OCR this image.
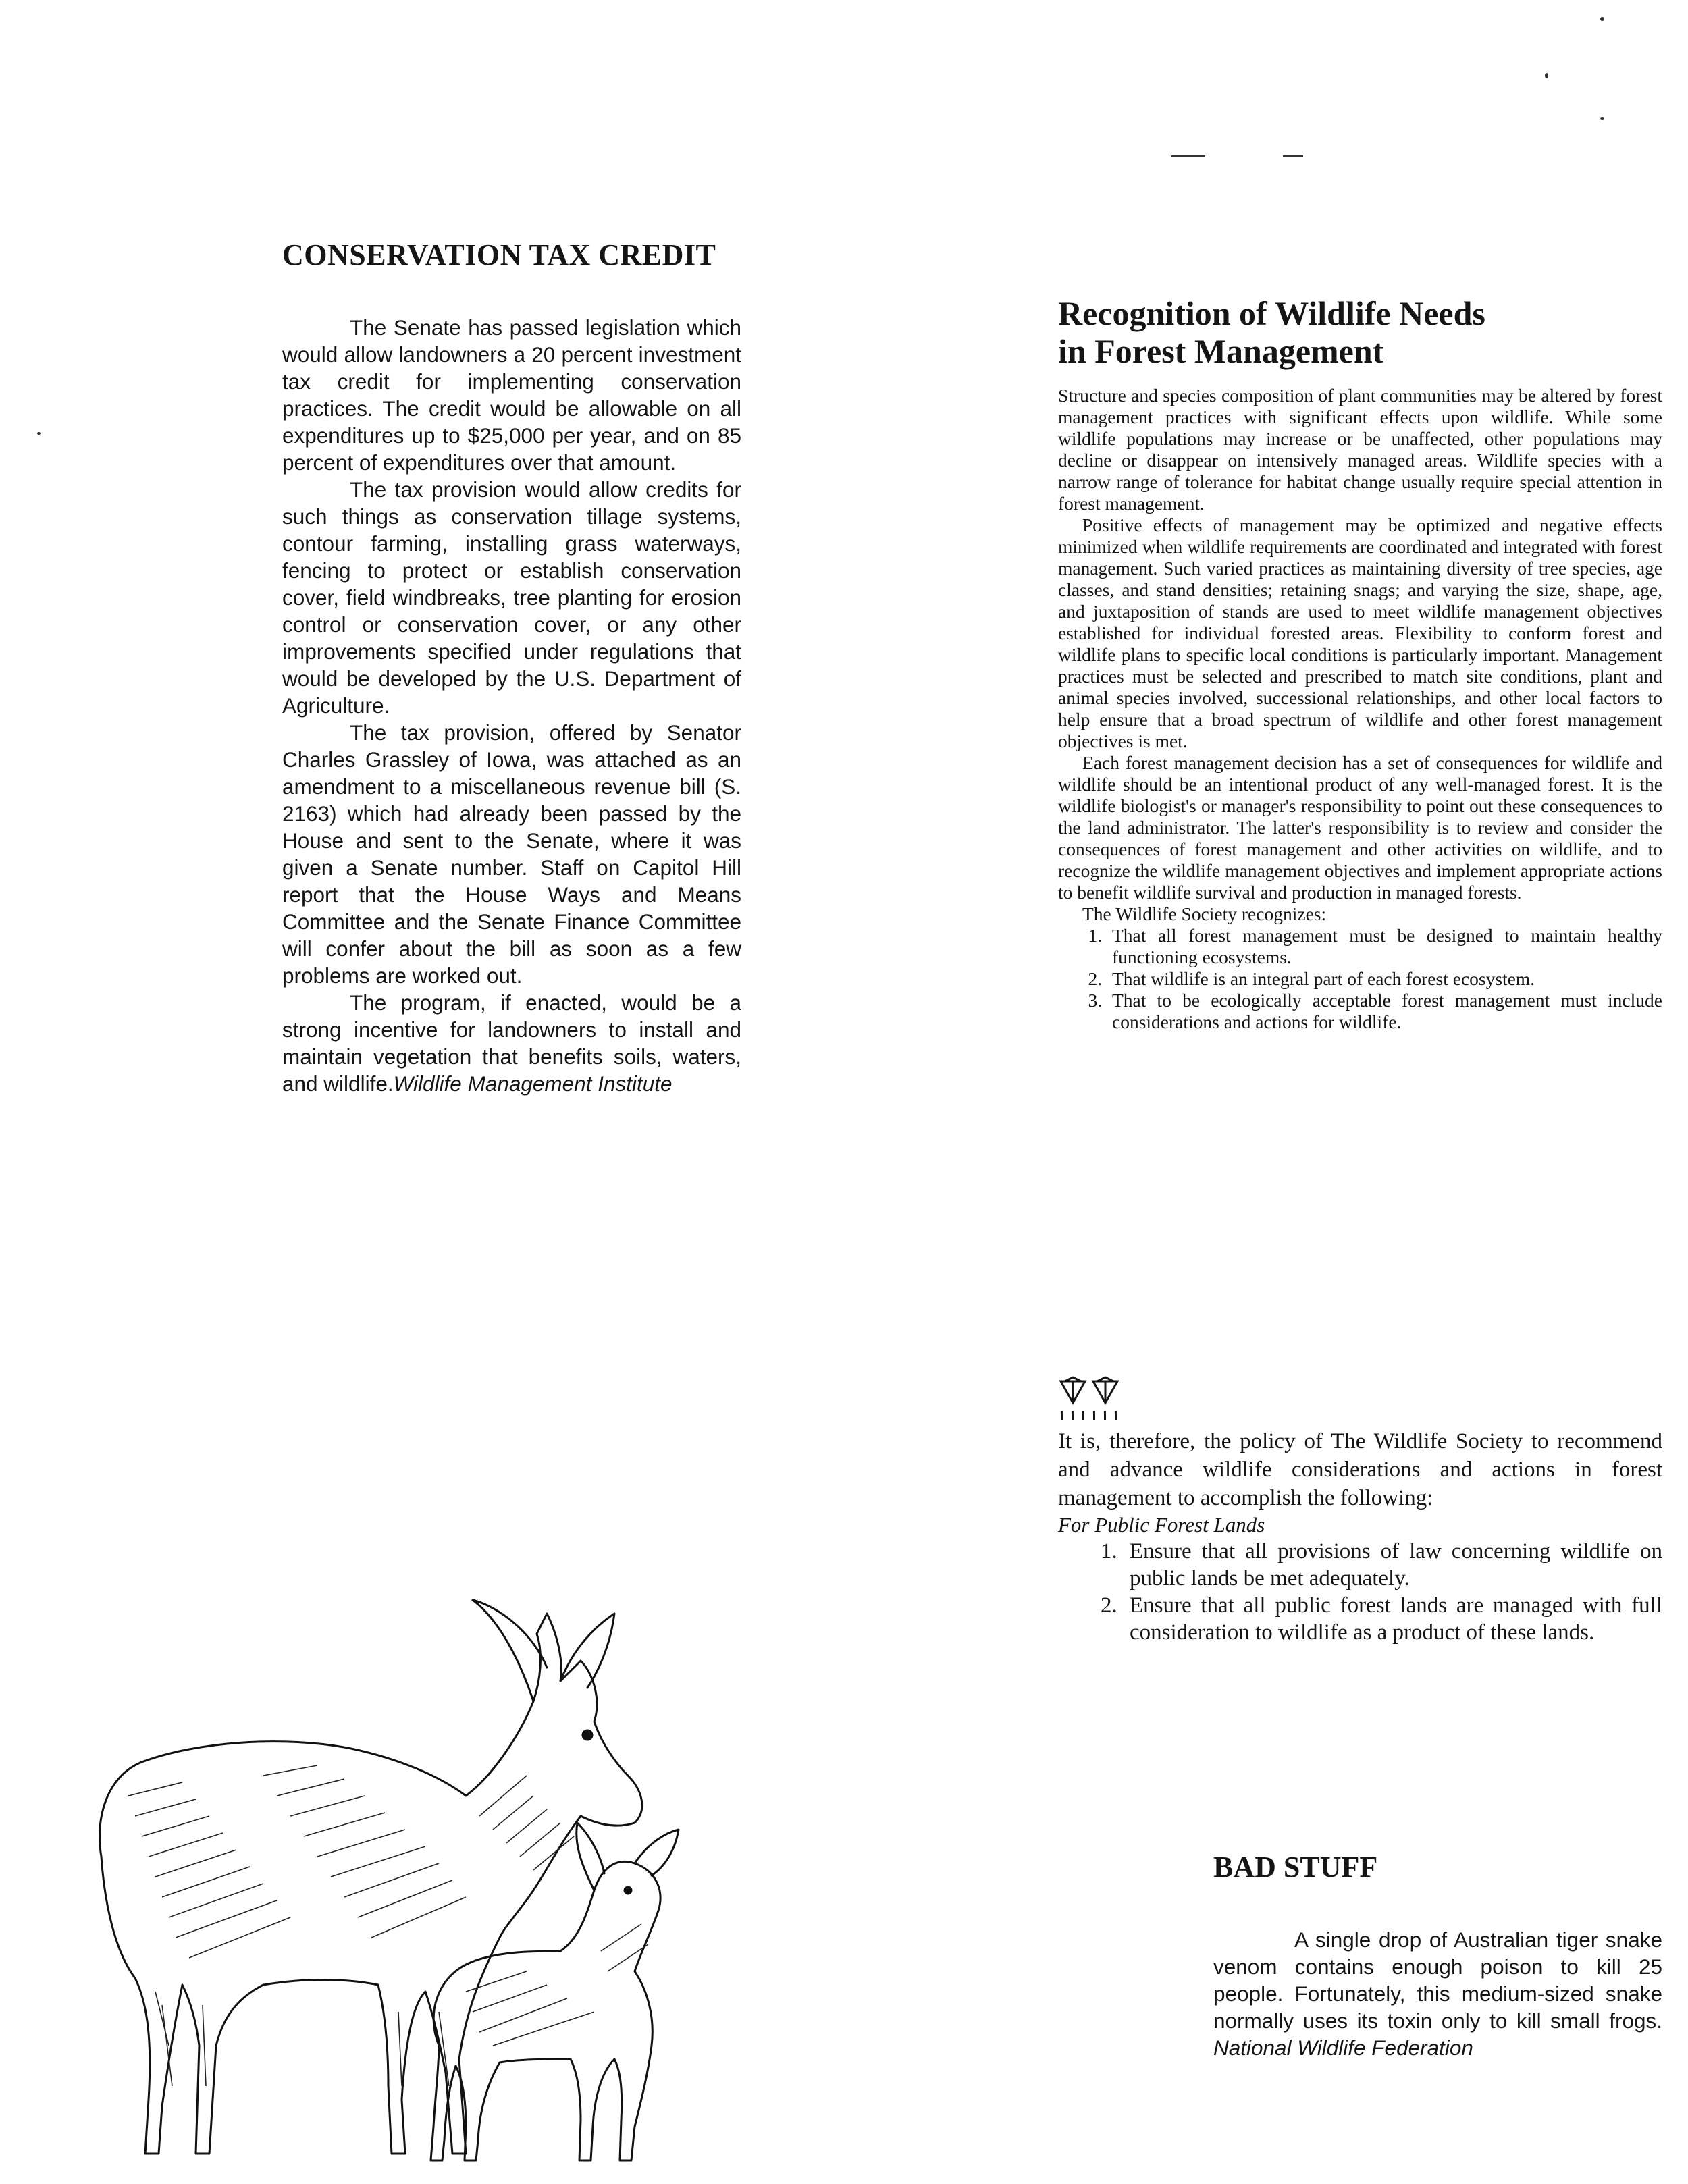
CONSERVATION TAX CREDIT

The Senate has passed legislation which would allow landowners a 20 percent investment tax credit for implementing conservation practices. The credit would be allowable on all expenditures up to $25,000 per year, and on 85 percent of expenditures over that amount.

The tax provision would allow credits for such things as conservation tillage systems, contour farming, installing grass waterways, fencing to protect or establish conservation cover, field windbreaks, tree planting for erosion control or conservation cover, or any other improvements specified under regulations that would be developed by the U.S. Department of Agriculture.

The tax provision, offered by Senator Charles Grassley of Iowa, was attached as an amendment to a miscellaneous revenue bill (S. 2163) which had already been passed by the House and sent to the Senate, where it was given a Senate number. Staff on Capitol Hill report that the House Ways and Means Committee and the Senate Finance Committee will confer about the bill as soon as a few problems are worked out.

The program, if enacted, would be a strong incentive for landowners to install and maintain vegetation that benefits soils, waters, and wildlife.Wildlife Management Institute

Recognition of Wildlife Needs
in Forest Management

Structure and species composition of plant communities may be altered by forest management practices with significant effects upon wildlife. While some wildlife populations may increase or be unaffected, other populations may decline or disappear on intensively managed areas. Wildlife species with a narrow range of tolerance for habitat change usually require special attention in forest management.

Positive effects of management may be optimized and negative effects minimized when wildlife requirements are coordinated and integrated with forest management. Such varied practices as maintaining diversity of tree species, age classes, and stand densities; retaining snags; and varying the size, shape, age, and juxtaposition of stands are used to meet wildlife management objectives established for individual forested areas. Flexibility to conform forest and wildlife plans to specific local conditions is particularly important. Management practices must be selected and prescribed to match site conditions, plant and animal species involved, successional relationships, and other local factors to help ensure that a broad spectrum of wildlife and other forest management objectives is met.

Each forest management decision has a set of consequences for wildlife and wildlife should be an intentional product of any well-managed forest. It is the wildlife biologist's or manager's responsibility to point out these consequences to the land administrator. The latter's responsibility is to review and consider the consequences of forest management and other activities on wildlife, and to recognize the wildlife management objectives and implement appropriate actions to benefit wildlife survival and production in managed forests.

The Wildlife Society recognizes:
1. That all forest management must be designed to maintain healthy functioning ecosystems.
2. That wildlife is an integral part of each forest ecosystem.
3. That to be ecologically acceptable forest management must include considerations and actions for wildlife.

It is, therefore, the policy of The Wildlife Society to recommend and advance wildlife considerations and actions in forest management to accomplish the following:

For Public Forest Lands
1. Ensure that all provisions of law concerning wildlife on public lands be met adequately.
2. Ensure that all public forest lands are managed with full consideration to wildlife as a product of these lands.
BAD STUFF

A single drop of Australian tiger snake venom contains enough poison to kill 25 people. Fortunately, this medium-sized snake normally uses its toxin only to kill small frogs. National Wildlife Federation
